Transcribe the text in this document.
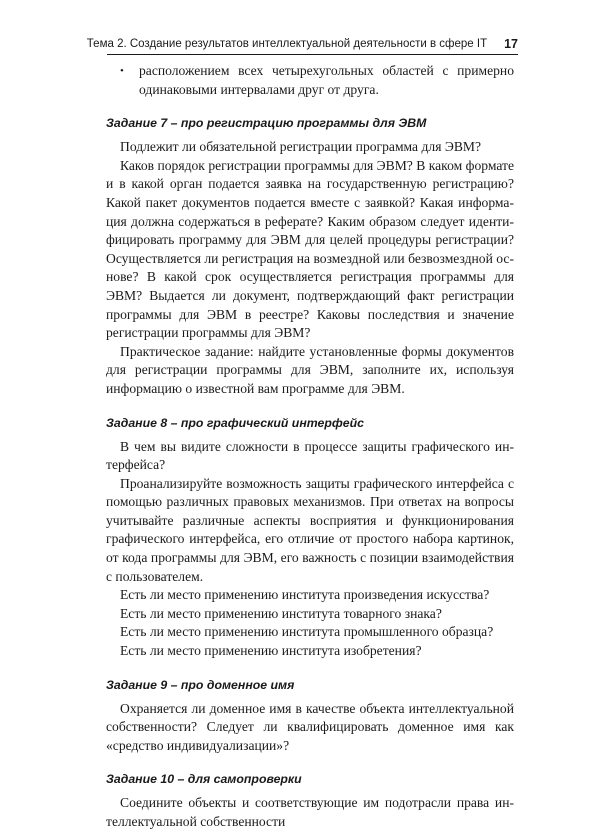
Тема 2. Создание результатов интеллектуальной деятельности в сфере IT 17
• расположением всех четырехугольных областей с примерно одинаковыми интервалами друг от друга.
Задание 7 – про регистрацию программы для ЭВМ

Подлежит ли обязательной регистрации программа для ЭВМ?

Каков порядок регистрации программы для ЭВМ? В каком формате и в какой орган подается заявка на государственную регистрацию? Какой пакет документов подается вместе с заявкой? Какая информация должна содержаться в реферате? Каким образом следует идентифицировать программу для ЭВМ для целей процедуры регистрации? Осуществляется ли регистрация на возмездной или безвозмездной основе? В какой срок осуществляется регистрация программы для ЭВМ? Выдается ли документ, подтверждающий факт регистрации программы для ЭВМ в реестре? Каковы последствия и значение регистрации программы для ЭВМ?

Практическое задание: найдите установленные формы документов для регистрации программы для ЭВМ, заполните их, используя информацию о известной вам программе для ЭВМ.

Задание 8 – про графический интерфейс

В чем вы видите сложности в процессе защиты графического интерфейса?

Проанализируйте возможность защиты графического интерфейса с помощью различных правовых механизмов. При ответах на вопросы учитывайте различные аспекты восприятия и функционирования графического интерфейса, его отличие от простого набора картинок, от кода программы для ЭВМ, его важность с позиции взаимодействия с пользователем.

Есть ли место применению института произведения искусства?

Есть ли место применению института товарного знака?

Есть ли место применению института промышленного образца?

Есть ли место применению института изобретения?

Задание 9 – про доменное имя

Охраняется ли доменное имя в качестве объекта интеллектуальной собственности? Следует ли квалифицировать доменное имя как «средство индивидуализации»?

Задание 10 – для самопроверки

Соедините объекты и соответствующие им подотрасли права интеллектуальной собственности
